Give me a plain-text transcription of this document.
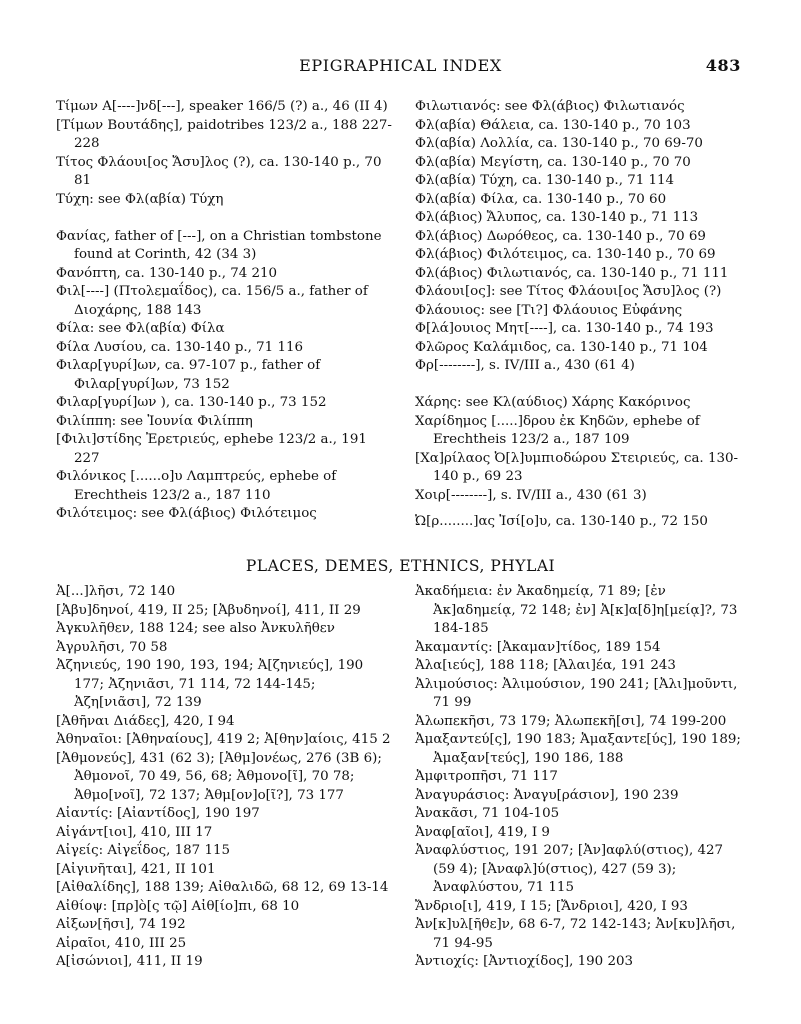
EPIGRAPHICAL INDEX	483

Τίμων Α[----]νδ[---], speaker 166/5 (?) a., 46 (II 4)

[Τίμων Βουτάδης], paidotribes 123/2 a., 188 227-228

Τίτος Φλάουι[ος Ἄσυ]λος (?), ca. 130-140 p., 70 81

Τύχη: see Φλ(αβία) Τύχη

Φανίας, father of [---], on a Christian tombstone found at Corinth, 42 (34 3)

Φανόπτη, ca. 130-140 p., 74 210

Φιλ[----] (Πτολεμαΐδος), ca. 156/5 a., father of Διοχάρης, 188 143

Φίλα: see Φλ(αβία) Φίλα

Φίλα Λυσίου, ca. 130-140 p., 71 116

Φιλαρ[γυρί]ων, ca. 97-107 p., father of Φιλαρ[γυρί]ων, 73 152

Φιλαρ[γυρί]ων ), ca. 130-140 p., 73 152

Φιλίππη: see Ἰουνία Φιλίππη

[Φιλι]στίδης Ἐρετριεύς, ephebe 123/2 a., 191 227

Φιλόνικος [......ο]υ Λαμπτρεύς, ephebe of Erechtheis 123/2 a., 187 110

Φιλότειμος: see Φλ(άβιος) Φιλότειμος

Φιλωτιανός: see Φλ(άβιος) Φιλωτιανός

Φλ(αβία) Θάλεια, ca. 130-140 p., 70 103

Φλ(αβία) Λολλία, ca. 130-140 p., 70 69-70

Φλ(αβία) Μεγίστη, ca. 130-140 p., 70 70

Φλ(αβία) Τύχη, ca. 130-140 p., 71 114

Φλ(αβία) Φίλα, ca. 130-140 p., 70 60

Φλ(άβιος) Ἄλυπος, ca. 130-140 p., 71 113

Φλ(άβιος) Δωρόθεος, ca. 130-140 p., 70 69

Φλ(άβιος) Φιλότειμος, ca. 130-140 p., 70 69

Φλ(άβιος) Φιλωτιανός, ca. 130-140 p., 71 111

Φλάουι[ος]: see Τίτος Φλάουι[ος Ἄσυ]λος (?)

Φλάουιος: see [Τι?] Φλάουιος Εὐφάνης

Φ[λά]ουιος Μητ[----], ca. 130-140 p., 74 193

Φλῶρος Καλάμιδος, ca. 130-140 p., 71 104

Φρ[--------], s. IV/III a., 430 (61 4)

Χάρης: see Κλ(αύδιος) Χάρης Κακόρινος

Χαρίδημος [.....]δρου ἐκ Κηδῶν, ephebe of Erechtheis 123/2 a., 187 109

[Χα]ρίλαος Ὀ[λ]υμπιοδώρου Στειριεύς, ca. 130-140 p., 69 23

Χοιρ[--------], s. IV/III a., 430 (61 3)

Ὠ[ρ........]ας Ἰσί[ο]υ, ca. 130-140 p., 72 150

PLACES, DEMES, ETHNICS, PHYLAI

Ἀ[...]λῆσι, 72 140

[Ἀβυ]δηνοί, 419, II 25; [Ἀβυδηνοί], 411, II 29

Ἀγκυλῆθεν, 188 124; see also Ἀνκυλῆθεν

Ἀγρυλῆσι, 70 58

Ἀζηνιεύς, 190 190, 193, 194; Ἀ[ζηνιεύς], 190 177; Ἀζηνιᾶσι, 71 114, 72 144-145; Ἀζη[νιᾶσι], 72 139

[Ἀθῆναι Διάδες], 420, I 94

Ἀθηναῖοι: [Ἀθηναίους], 419 2; Ἀ[θην]αίοις, 415 2

[Ἀθμονεύς], 431 (62 3); [Ἀθμ]ονέως, 276 (3B 6); Ἀθμονοῖ, 70 49, 56, 68; Ἀθμονο[ῖ], 70 78; Ἀθμο[νοῖ], 72 137; Ἀθμ[ον]ο[ῖ?], 73 177

Αἰαντίς: [Αἰαντίδος], 190 197

Αἰγάντ[ιοι], 410, III 17

Αἰγείς: Αἰγεΐδος, 187 115

[Αἰγινῆται], 421, II 101

[Αἰθαλίδης], 188 139; Αἰθαλιδῶ, 68 12, 69 13-14

Αἰθίοψ: [πρ]ὸ[ς τῷ] Αἰθ[ίο]πι, 68 10

Αἰξων[ῆσι], 74 192

Αἰραῖοι, 410, III 25

Α[ἰσώνιοι], 411, II 19

Ἀκαδήμεια: ἐν Ἀκαδημείᾳ, 71 89; [ἐν Ἀκ]αδημείᾳ, 72 148; ἐν] Ἀ[κ]α[δ]η[μείᾳ]?, 73 184-185

Ἀκαμαντίς: [Ἀκαμαν]τίδος, 189 154

Ἀλα[ιεύς], 188 118; [Ἀλαι]έα, 191 243

Ἀλιμούσιος: Ἀλιμούσιον, 190 241; [Ἀλι]μοῦντι, 71 99

Ἀλωπεκῆσι, 73 179; Ἀλωπεκῆ[σι], 74 199-200

Ἀμαξαντεύ[ς], 190 183; Ἀμαξαντε[ύς], 190 189; Ἀμαξαν[τεύς], 190 186, 188

Ἀμφιτροπῆσι, 71 117

Ἀναγυράσιος: Ἀναγυ[ράσιον], 190 239

Ἀνακᾶσι, 71 104-105

Ἀναφ[αῖοι], 419, I 9

Ἀναφλύστιος, 191 207; [Ἀν]αφλύ(στιος), 427 (59 4); [Ἀναφλ]ύ(στιος), 427 (59 3); Ἀναφλύστου, 71 115

Ἄνδριο[ι], 419, I 15; [Ἄνδριοι], 420, I 93

Ἀν[κ]υλ[ῆθε]ν, 68 6-7, 72 142-143; Ἀν[κυ]λῆσι, 71 94-95

Ἀντιοχίς: [Ἀντιοχίδος], 190 203
